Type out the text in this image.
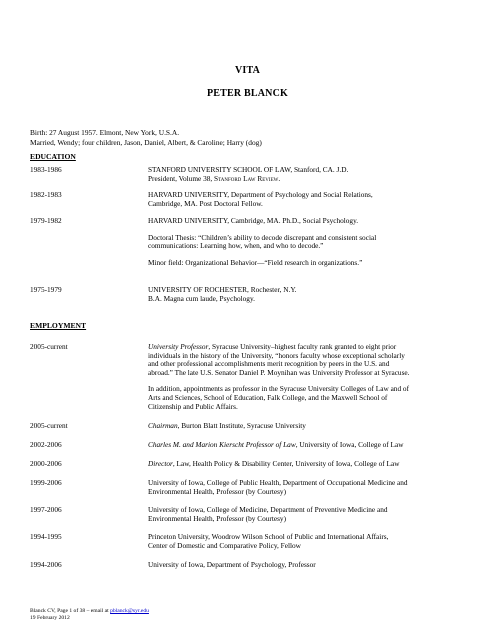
VITA
PETER BLANCK
Birth: 27 August 1957. Elmont, New York, U.S.A.
Married, Wendy; four children, Jason, Daniel, Albert, & Caroline; Harry (dog)
EDUCATION
1983-1986	STANFORD UNIVERSITY SCHOOL OF LAW, Stanford, CA. J.D.

President, Volume 38, Stanford Law Review.

1982-1983	HARVARD UNIVERSITY, Department of Psychology and Social Relations,

Cambridge, MA. Post Doctoral Fellow.

1979-1982	HARVARD UNIVERSITY, Cambridge, MA. Ph.D., Social Psychology.

Doctoral Thesis: “Children’s ability to decode discrepant and consistent social

communications: Learning how, when, and who to decode.”

Minor field: Organizational Behavior—“Field research in organizations.”

1975-1979	UNIVERSITY OF ROCHESTER, Rochester, N.Y.

B.A. Magna cum laude, Psychology.

EMPLOYMENT
2005-current	University Professor, Syracuse University–highest faculty rank granted to eight prior

individuals in the history of the University, “honors faculty whose exceptional scholarly

and other professional accomplishments merit recognition by peers in the U.S. and

abroad.” The late U.S. Senator Daniel P. Moynihan was University Professor at Syracuse.

In addition, appointments as professor in the Syracuse University Colleges of Law and of

Arts and Sciences, School of Education, Falk College, and the Maxwell School of

Citizenship and Public Affairs.

2005-current	Chairman, Burton Blatt Institute, Syracuse University

2002-2006	Charles M. and Marion Kierscht Professor of Law, University of Iowa, College of Law

2000-2006	Director, Law, Health Policy & Disability Center, University of Iowa, College of Law

1999-2006	University of Iowa, College of Public Health, Department of Occupational Medicine and

Environmental Health, Professor (by Courtesy)

1997-2006	University of Iowa, College of Medicine, Department of Preventive Medicine and

Environmental Health, Professor (by Courtesy)

1994-1995	Princeton University, Woodrow Wilson School of Public and International Affairs,

Center of Domestic and Comparative Policy, Fellow

1994-2006	University of Iowa, Department of Psychology, Professor

Blanck CV, Page 1 of 38 – email at pblanck@syr.edu
19 February 2012
